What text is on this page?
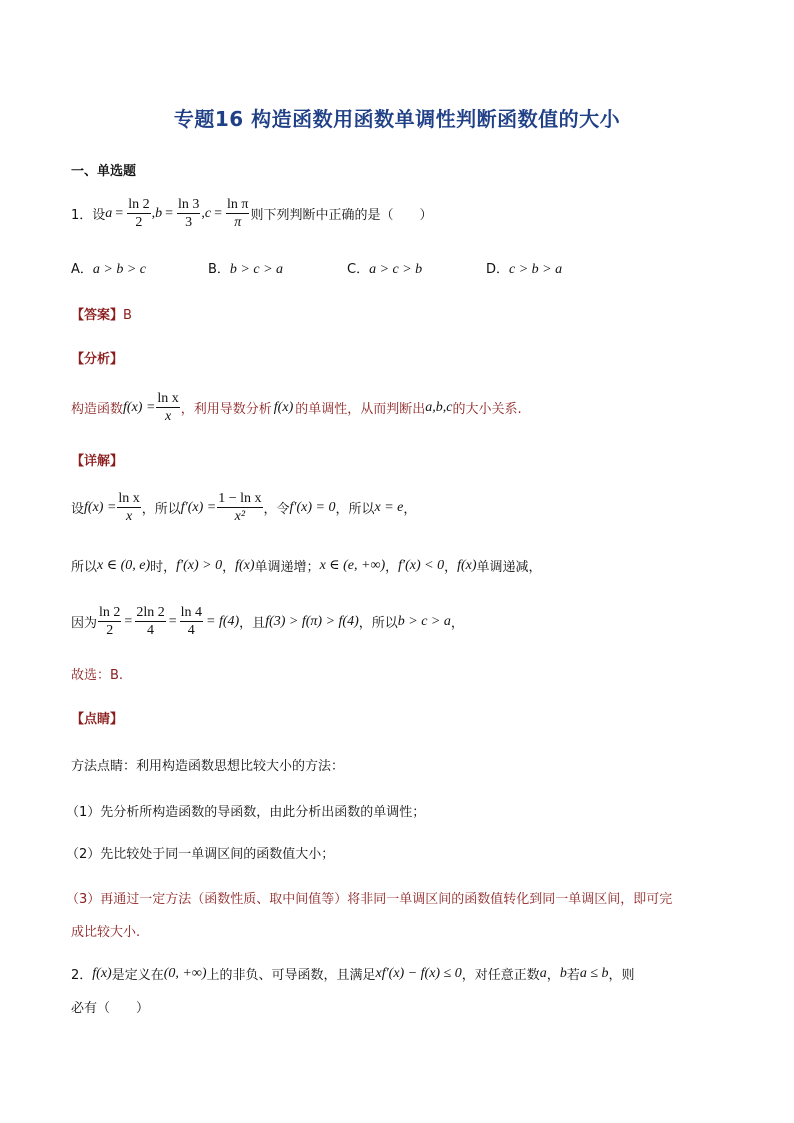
专题16 构造函数用函数单调性判断函数值的大小
一、单选题
1．设 $a = \frac{\ln 2}{2}$ , $b = \frac{\ln 3}{3}$ , $c = \frac{\text{ln π}}{\pi}$ 则下列判断中正确的是（　　）
A．a > b > c	B．b > c > a	C．a > c > b	D．c > b > a
【答案】B
【分析】
构造函数 $f(x) = \frac{\text{ln x}}{x}$ ，利用导数分析 f(x) 的单调性，从而判断出 a,b,c 的大小关系.
【详解】
设 $f(x) = \frac{\text{ln x}}{x}$ ，所以 $f'(x) = \frac{\text{1 − ln x}}{\text{x²}}$ ，令 f′(x) = 0 ，所以 x = e ，
所以 x ∈ (0, e) 时， f′(x) > 0 ， f(x) 单调递增； x ∈ (e, +∞) ， f′(x) < 0 ， f(x) 单调递减，
因为 $\frac{\ln 2}{2} = \frac{2\ln 2}{4} = \frac{\ln 4}{4} = f(4)$ ，且 f(3) > f(π) > f(4) ，所以 b > c > a ，
故选：B.
【点睛】
方法点睛：利用构造函数思想比较大小的方法：
（1）先分析所构造函数的导函数，由此分析出函数的单调性；
（2）先比较处于同一单调区间的函数值大小；
（3）再通过一定方法（函数性质、取中间值等）将非同一单调区间的函数值转化到同一单调区间，即可完
成比较大小.
2． f(x) 是定义在 (0, +∞) 上的非负、可导函数，且满足 xf′(x) − f(x) ≤ 0 ，对任意正数 a ， b 若 a ≤ b ，则
必有（　　）
